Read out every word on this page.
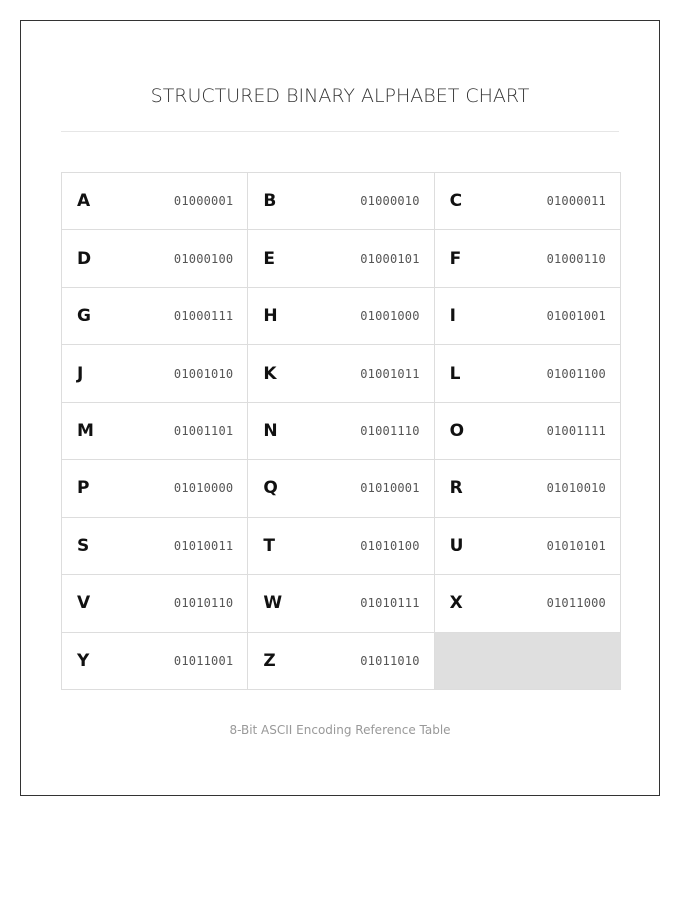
STRUCTURED BINARY ALPHABET CHART
A	01000001 B	01000010 C	01000011
D	01000100 E	01000101 F	01000110
G	01000111 H	01001000 I	01001001
J	01001010 K	01001011 L	01001100
M	01001101 N	01001110 O	01001111
P	01010000 Q	01010001 R	01010010
S	01010011 T	01010100 U	01010101
V	01010110 W	01010111 X	01011000
Y	01011001 Z	01011010
8-Bit ASCII Encoding Reference Table
